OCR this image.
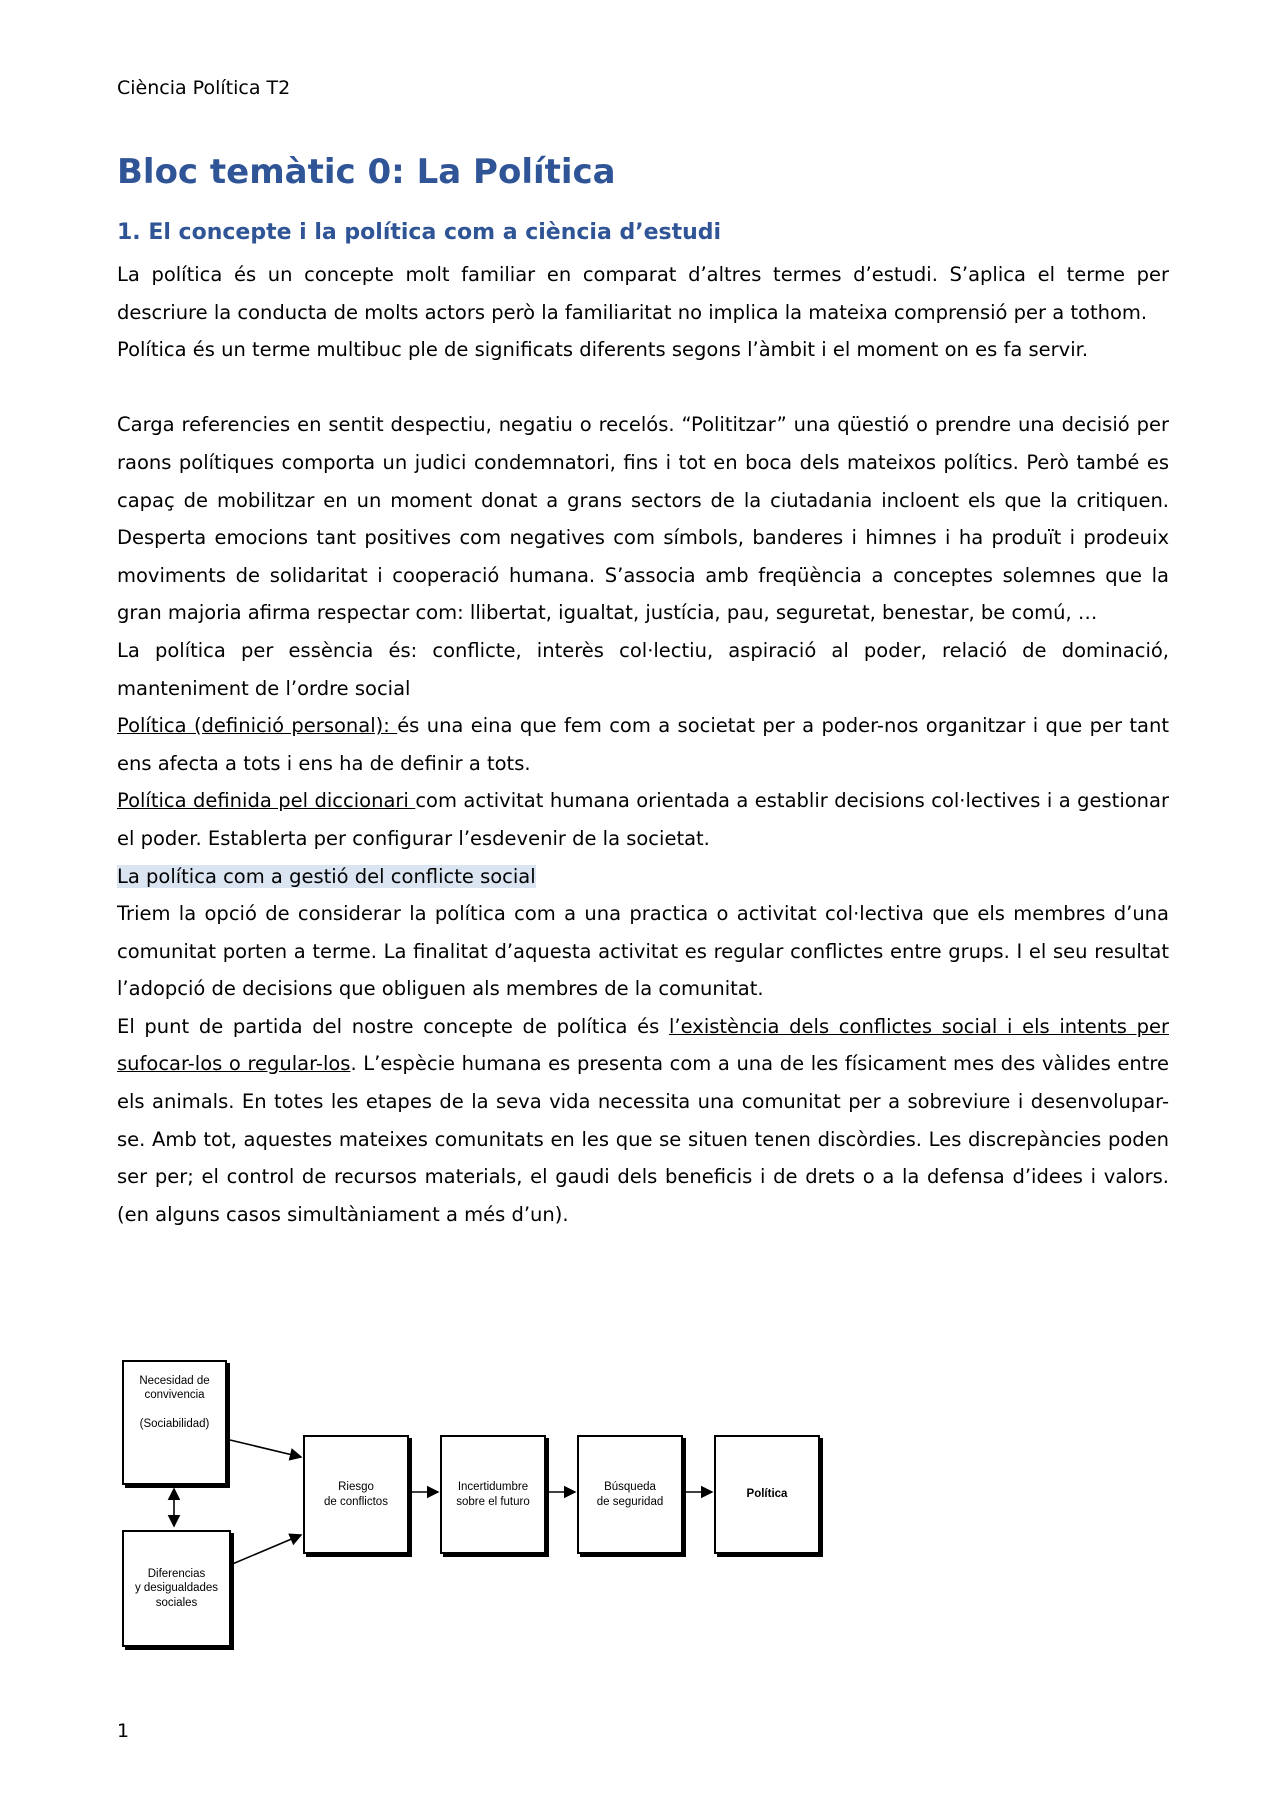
Ciència Política T2
Bloc temàtic 0: La Política
1. El concepte i la política com a ciència d’estudi

La política és un concepte molt familiar en comparat d’altres termes d’estudi. S’aplica el terme per descriure la conducta de molts actors però la familiaritat no implica la mateixa comprensió per a tothom.

Política és un terme multibuc ple de significats diferents segons l’àmbit i el moment on es fa servir.

Carga referencies en sentit despectiu, negatiu o recelós. “Polititzar” una qüestió o prendre una decisió per raons polítiques comporta un judici condemnatori, fins i tot en boca dels mateixos polítics. Però també es capaç de mobilitzar en un moment donat a grans sectors de la ciutadania incloent els que la critiquen. Desperta emocions tant positives com negatives com símbols, banderes i himnes i ha produït i prodeuix moviments de solidaritat i cooperació humana. S’associa amb freqüència a conceptes solemnes que la gran majoria afirma respectar com: llibertat, igualtat, justícia, pau, seguretat, benestar, be comú, …

La política per essència és: conflicte, interès col·lectiu, aspiració al poder, relació de dominació, manteniment de l’ordre social

Política (definició personal): és una eina que fem com a societat per a poder-nos organitzar i que per tant ens afecta a tots i ens ha de definir a tots.

Política definida pel diccionari com activitat humana orientada a establir decisions col·lectives i a gestionar el poder. Establerta per configurar l’esdevenir de la societat.

La política com a gestió del conflicte social

Triem la opció de considerar la política com a una practica o activitat col·lectiva que els membres d’una comunitat porten a terme. La finalitat d’aquesta activitat es regular conflictes entre grups. I el seu resultat l’adopció de decisions que obliguen als membres de la comunitat.

El punt de partida del nostre concepte de política és l’existència dels conflictes social i els intents per sufocar-los o regular-los. L’espècie humana es presenta com a una de les físicament mes des vàlides entre els animals. En totes les etapes de la seva vida necessita una comunitat per a sobreviure i desenvolupar-se. Amb tot, aquestes mateixes comunitats en les que se situen tenen discòrdies. Les discrepàncies poden ser per; el control de recursos materials, el gaudi dels beneficis i de drets o a la defensa d’idees i valors. (en alguns casos simultàniament a més d’un).

Necesidad de
convivencia
(Sociabilidad)
Diferencias
y desigualdades
sociales
Riesgo
de conflictos
Incertidumbre
sobre el futuro
Búsqueda
de seguridad
Política
1
